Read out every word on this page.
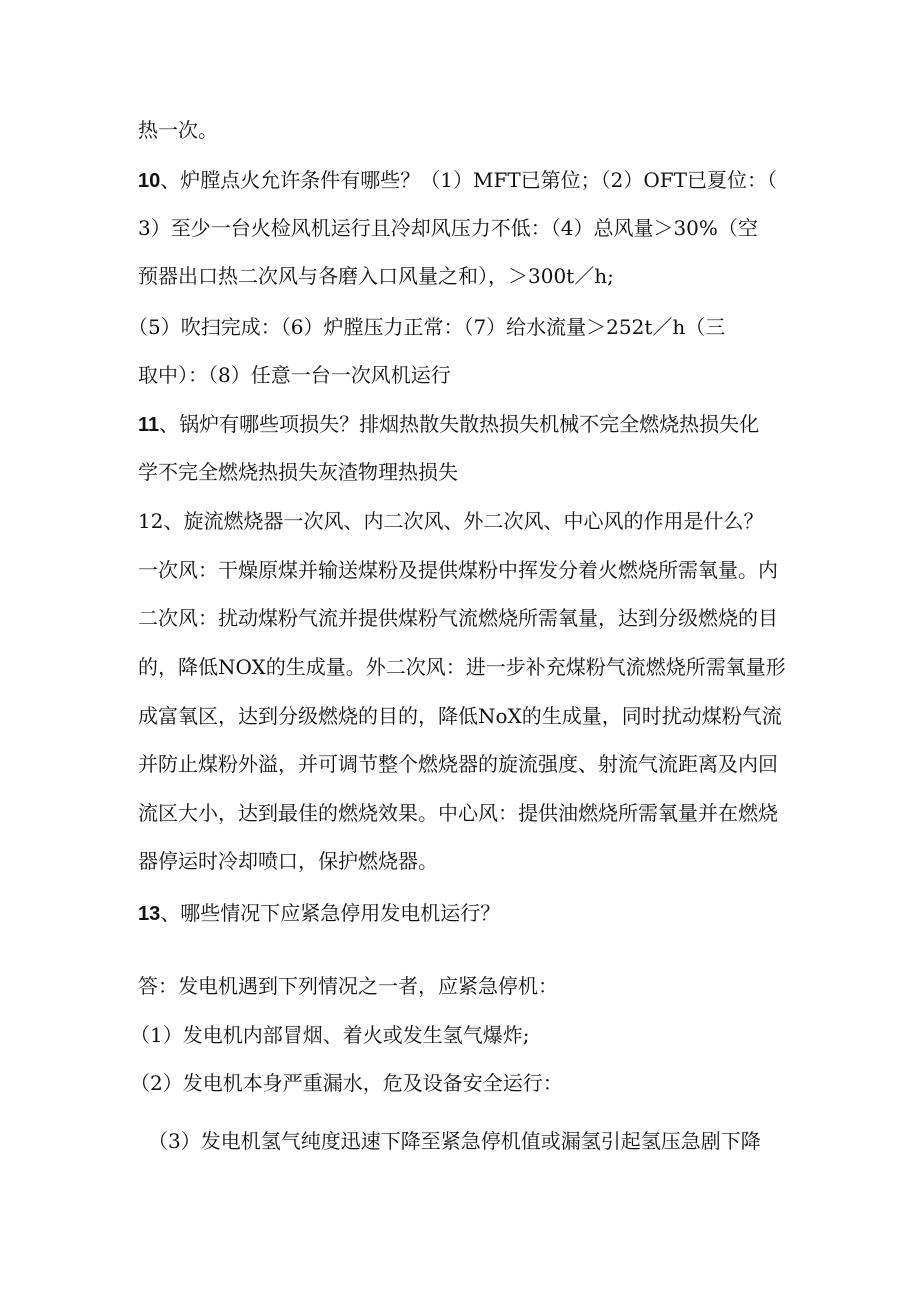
热一次。
10、炉膛点火允许条件有哪些？（1）MFT已第位；（2）OFT已夏位：（
3）至少一台火检风机运行且冷却风压力不低：（4）总风量＞30%（空
预器出口热二次风与各磨入口风量之和），＞300t／h;
（5）吹扫完成：（6）炉膛压力正常：（7）给水流量＞252t／h（三
取中）：（8）任意一台一次风机运行
11、锅炉有哪些项损失？排烟热散失散热损失机械不完全燃烧热损失化
学不完全燃烧热损失灰渣物理热损失
12、旋流燃烧器一次风、内二次风、外二次风、中心风的作用是什么？
一次风：干燥原煤并输送煤粉及提供煤粉中挥发分着火燃烧所需氧量。内
二次风：扰动煤粉气流并提供煤粉气流燃烧所需氧量，达到分级燃烧的目
的，降低NOX的生成量。外二次风：进一步补充煤粉气流燃烧所需氧量形
成富氧区，达到分级燃烧的目的，降低NoX的生成量，同时扰动煤粉气流
并防止煤粉外溢，并可调节整个燃烧器的旋流强度、射流气流距离及内回
流区大小，达到最佳的燃烧效果。中心风：提供油燃烧所需氧量并在燃烧
器停运时冷却喷口，保护燃烧器。
13、哪些情况下应紧急停用发电机运行？
答：发电机遇到下列情况之一者，应紧急停机：
（1）发电机内部冒烟、着火或发生氢气爆炸;
（2）发电机本身严重漏水，危及设备安全运行：
（3）发电机氢气纯度迅速下降至紧急停机值或漏氢引起氢压急剧下降
